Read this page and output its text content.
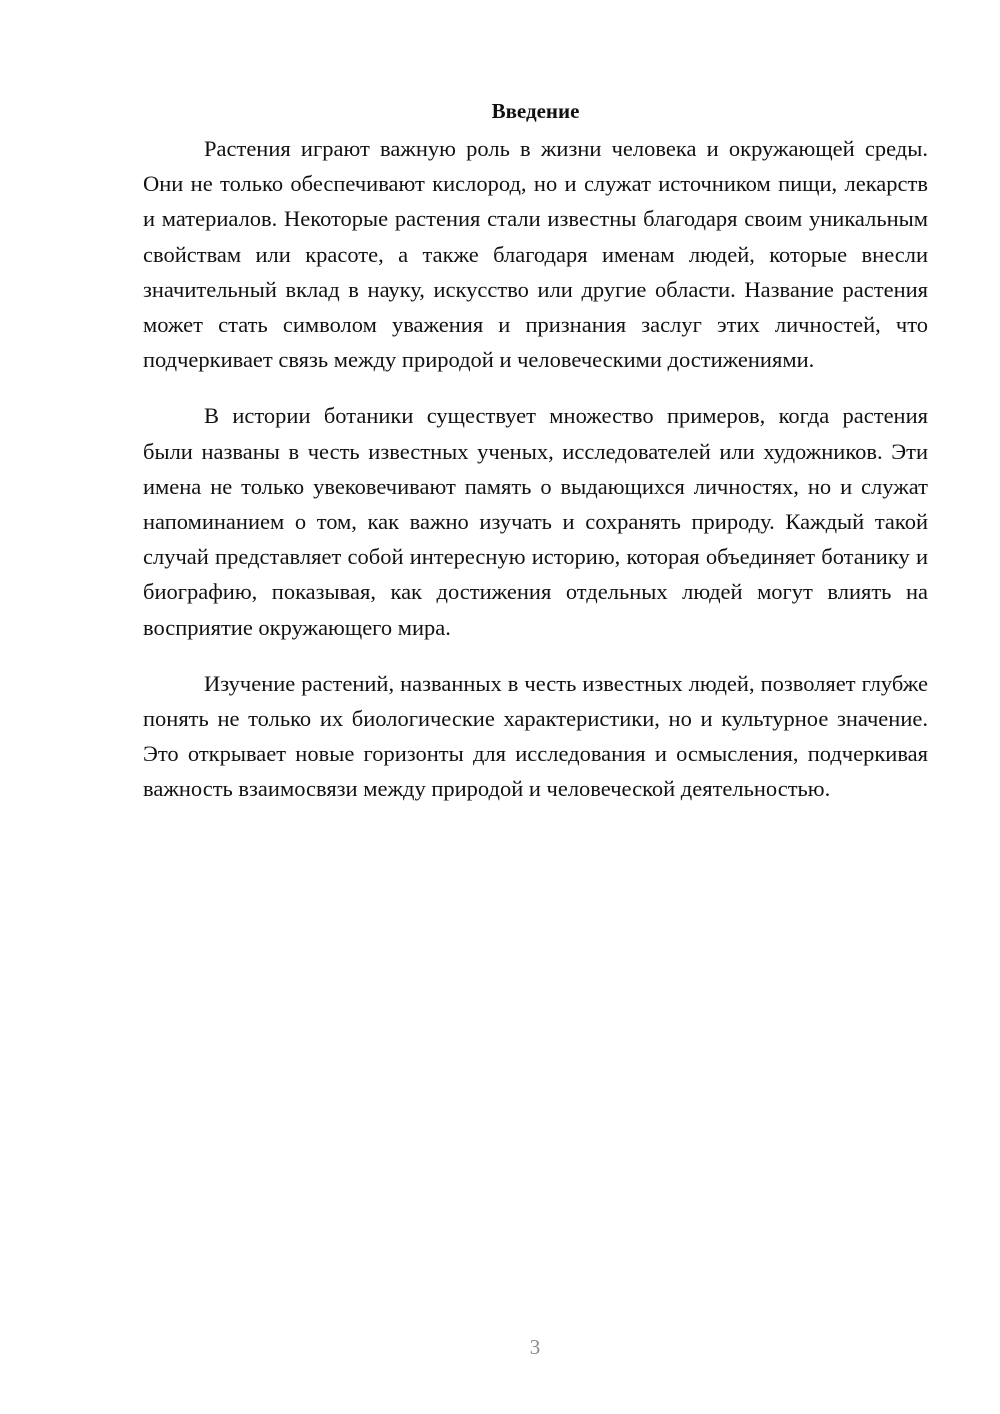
Введение

Растения играют важную роль в жизни человека и окружающей среды. Они не только обеспечивают кислород, но и служат источником пищи, лекарств и материалов. Некоторые растения стали известны благодаря своим уникальным свойствам или красоте, а также благодаря именам людей, которые внесли значительный вклад в науку, искусство или другие области. Название растения может стать символом уважения и признания заслуг этих личностей, что подчеркивает связь между природой и человеческими достижениями.

В истории ботаники существует множество примеров, когда растения были названы в честь известных ученых, исследователей или художников. Эти имена не только увековечивают память о выдающихся личностях, но и служат напоминанием о том, как важно изучать и сохранять природу. Каждый такой случай представляет собой интересную историю, которая объединяет ботанику и биографию, показывая, как достижения отдельных людей могут влиять на восприятие окружающего мира.

Изучение растений, названных в честь известных людей, позволяет глубже понять не только их биологические характеристики, но и культурное значение. Это открывает новые горизонты для исследования и осмысления, подчеркивая важность взаимосвязи между природой и человеческой деятельностью.

3
